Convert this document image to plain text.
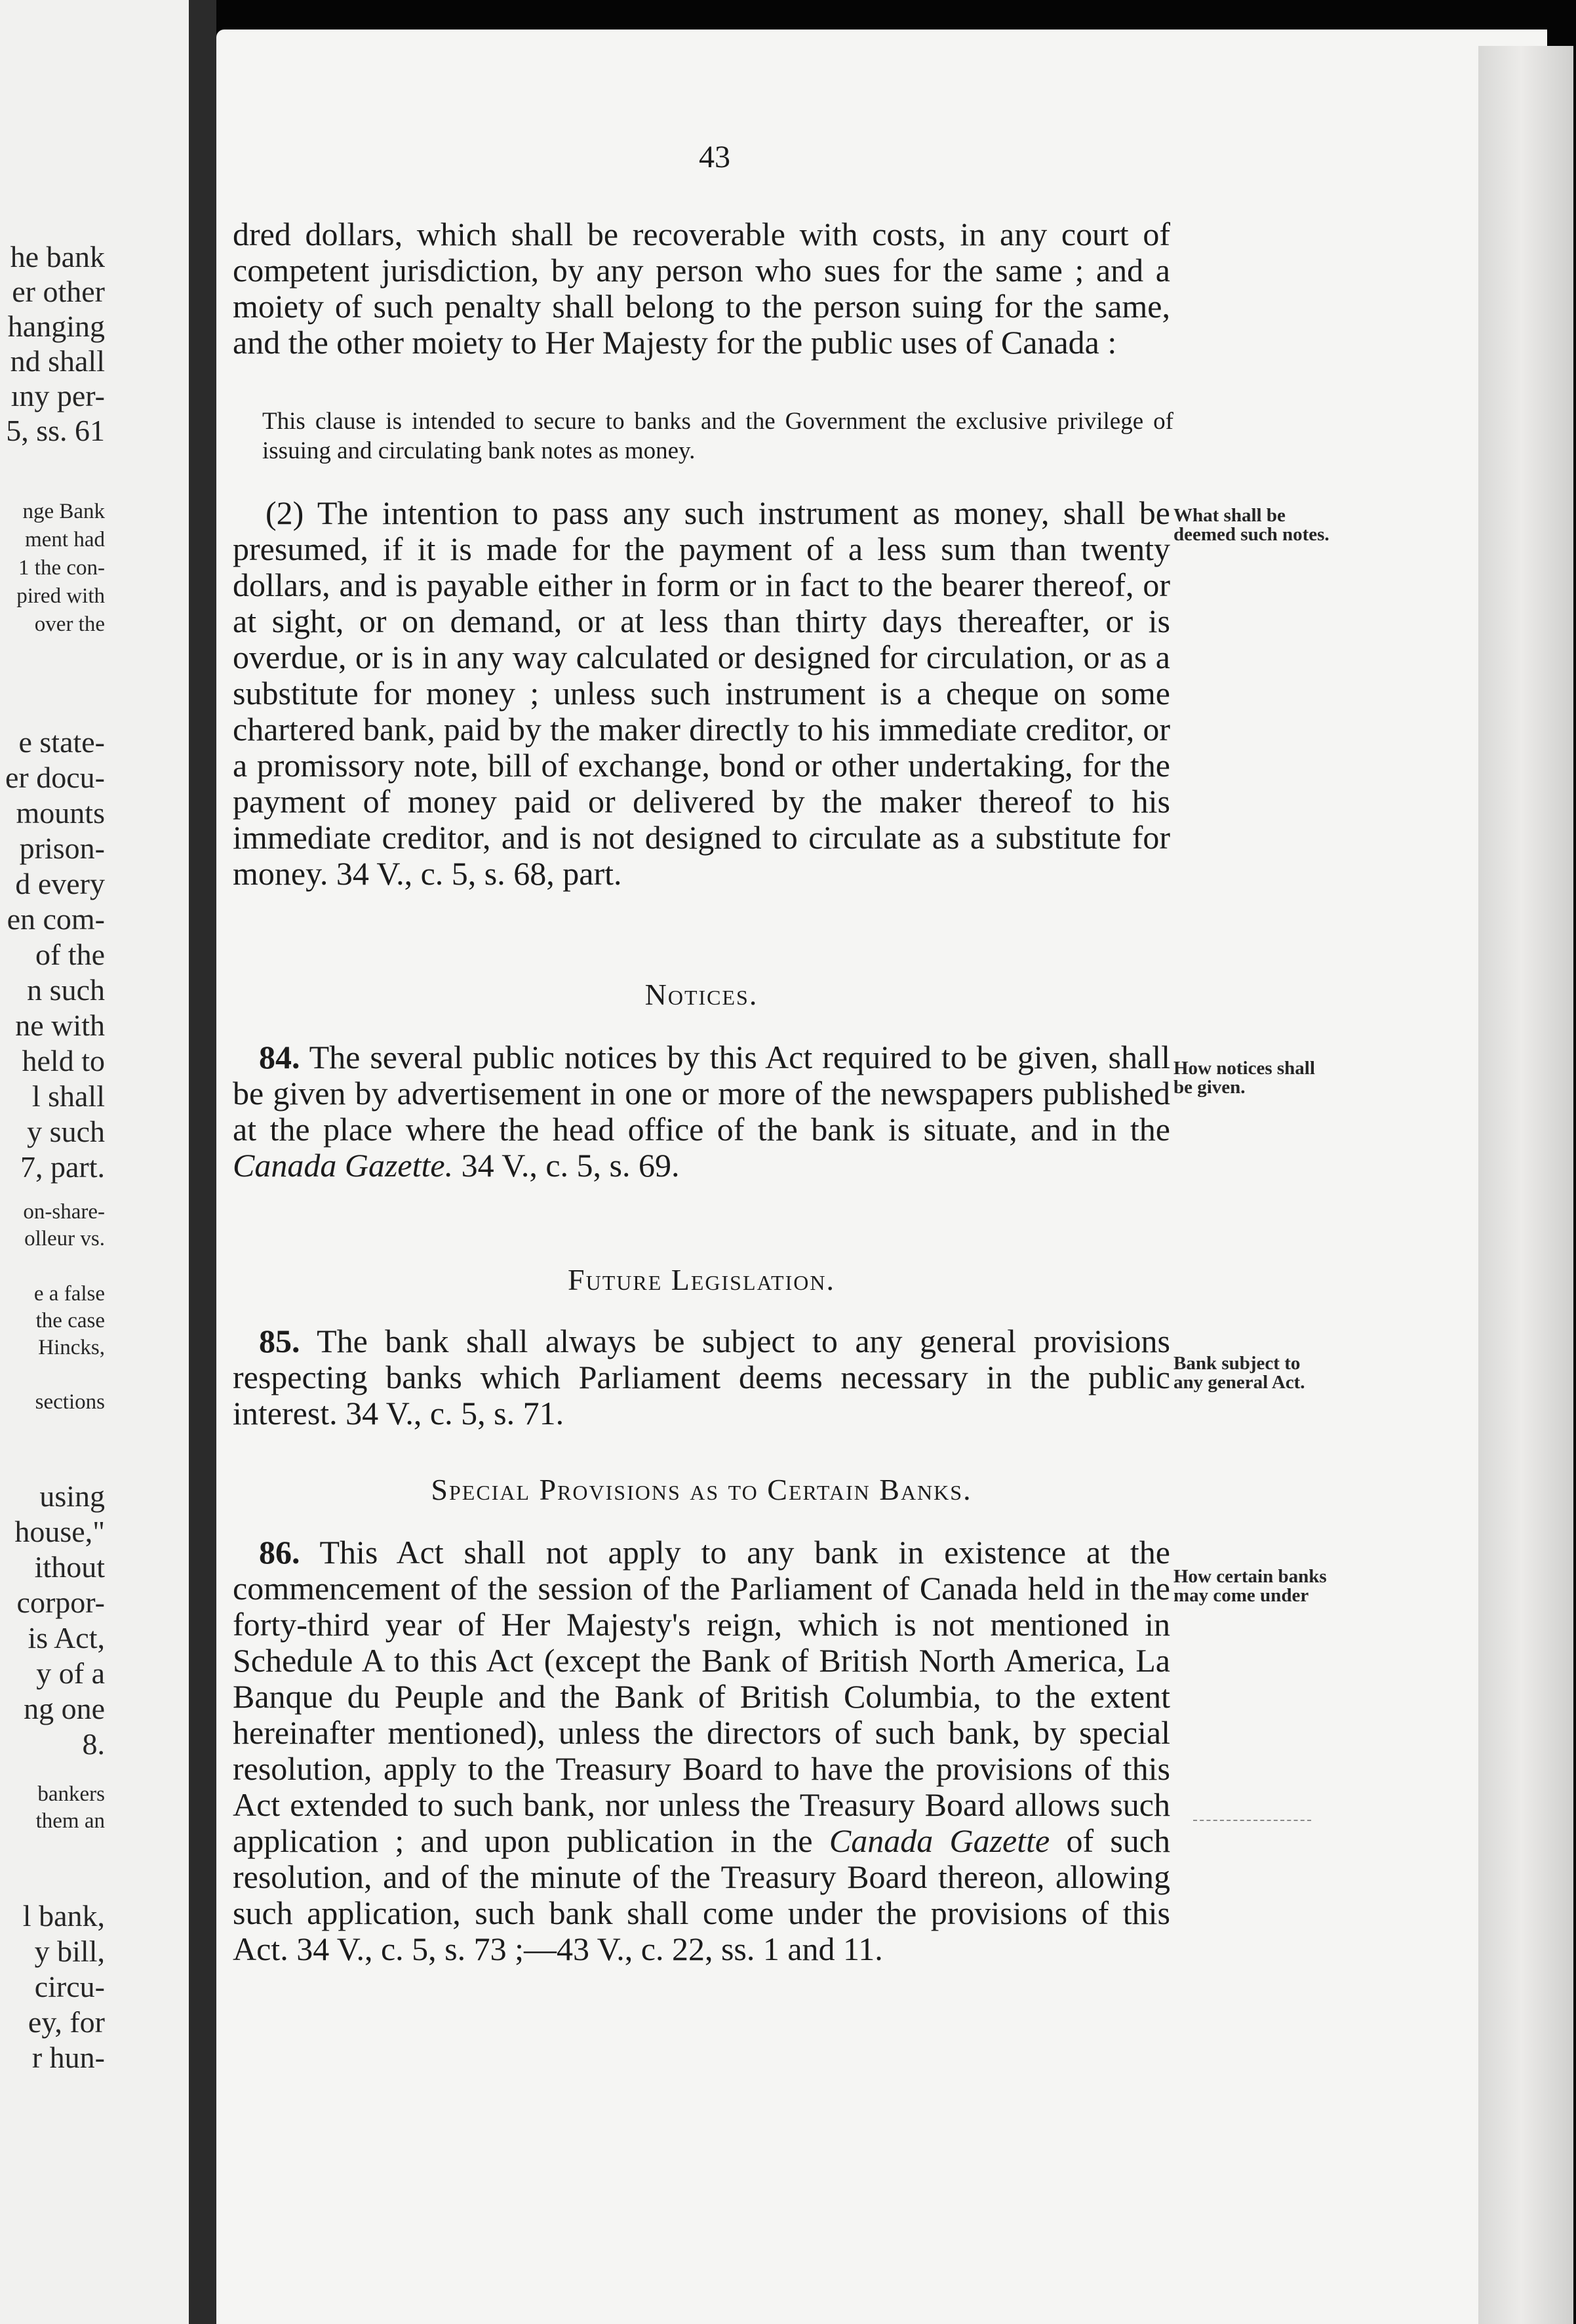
he bank
er other
hanging
nd shall
ıny per-
5, ss. 61
nge Bank
ment had
1 the con-
pired with
over the
e state-
er docu-
mounts
prison-
d every
en com-
of the
n such
ne with
held to
l shall
y such
7, part.
on-share-
olleur vs.
e a false
the case
Hincks,
sections
using
house,"
ithout
corpor-
is Act,
y of a
ng one
8.
bankers
them an
l bank,
y bill,
circu-
ey, for
r hun-
43
dred dollars, which shall be recoverable with costs, in any court of competent jurisdiction, by any person who sues for the same ; and a moiety of such penalty shall belong to the person suing for the same, and the other moiety to Her Majesty for the public uses of Canada :
This clause is intended to secure to banks and the Government the exclusive privilege of issuing and circulating bank notes as money.
(2) The intention to pass any such instrument as money, shall be presumed, if it is made for the payment of a less sum than twenty dollars, and is payable either in form or in fact to the bearer thereof, or at sight, or on demand, or at less than thirty days thereafter, or is overdue, or is in any way calculated or designed for circulation, or as a substitute for money ; unless such instrument is a cheque on some chartered bank, paid by the maker directly to his immediate creditor, or a promissory note, bill of exchange, bond or other undertaking, for the payment of money paid or delivered by the maker thereof to his immediate creditor, and is not designed to circulate as a substitute for money. 34 V., c. 5, s. 68, part.
What shall be deemed such notes.
Notices.
84. The several public notices by this Act required to be given, shall be given by advertisement in one or more of the newspapers published at the place where the head office of the bank is situate, and in the Canada Gazette. 34 V., c. 5, s. 69.
How notices shall be given.
Future Legislation.
85. The bank shall always be subject to any general provisions respecting banks which Parliament deems necessary in the public interest. 34 V., c. 5, s. 71.
Bank subject to any general Act.
Special Provisions as to Certain Banks.
86. This Act shall not apply to any bank in existence at the commencement of the session of the Parliament of Canada held in the forty-third year of Her Majesty's reign, which is not mentioned in Schedule A to this Act (except the Bank of British North America, La Banque du Peuple and the Bank of British Columbia, to the extent hereinafter mentioned), unless the directors of such bank, by special resolution, apply to the Treasury Board to have the provisions of this Act extended to such bank, nor unless the Treasury Board allows such application ; and upon publication in the Canada Gazette of such resolution, and of the minute of the Treasury Board thereon, allowing such application, such bank shall come under the provisions of this Act. 34 V., c. 5, s. 73 ;—43 V., c. 22, ss. 1 and 11.
How certain banks may come under
